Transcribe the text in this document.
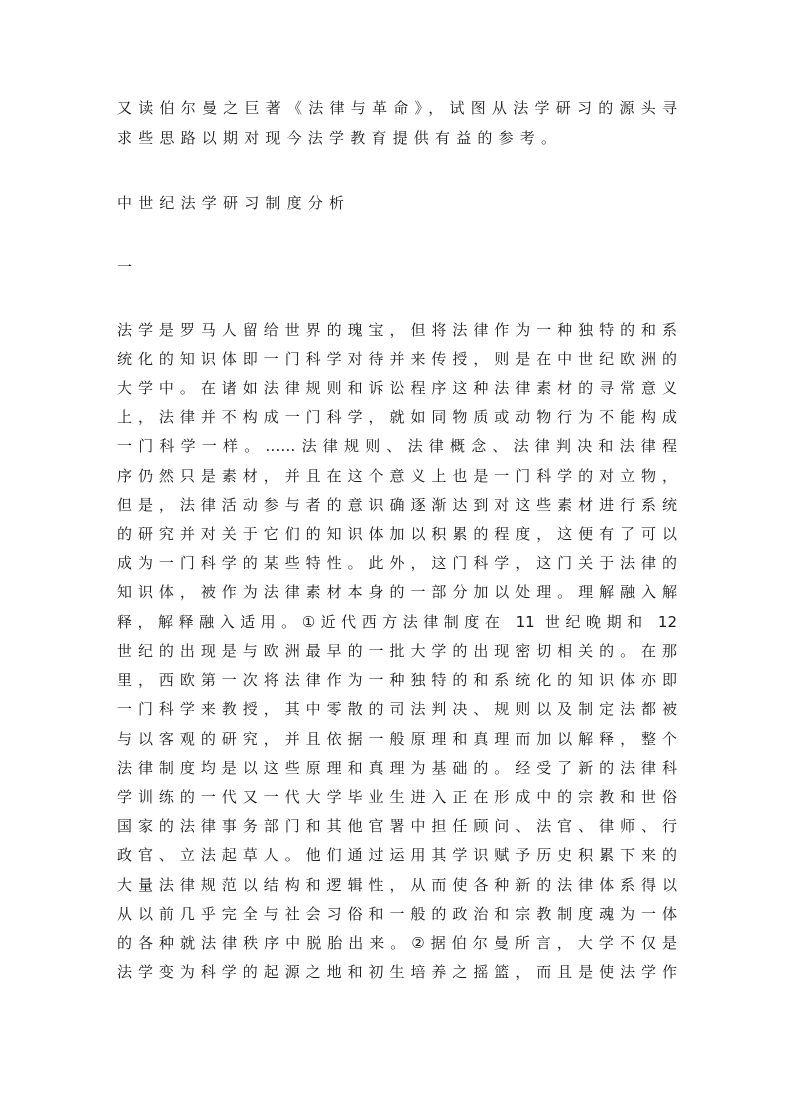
又读伯尔曼之巨著《法律与革命》，试图从法学研习的源头寻
求些思路以期对现今法学教育提供有益的参考。
中世纪法学研习制度分析
一
法学是罗马人留给世界的瑰宝，但将法律作为一种独特的和系
统化的知识体即一门科学对待并来传授，则是在中世纪欧洲的
大学中。在诸如法律规则和诉讼程序这种法律素材的寻常意义
上，法律并不构成一门科学，就如同物质或动物行为不能构成
一门科学一样。……法律规则、法律概念、法律判决和法律程
序仍然只是素材，并且在这个意义上也是一门科学的对立物，
但是，法律活动参与者的意识确逐渐达到对这些素材进行系统
的研究并对关于它们的知识体加以积累的程度，这便有了可以
成为一门科学的某些特性。此外，这门科学，这门关于法律的
知识体，被作为法律素材本身的一部分加以处理。理解融入解
释，解释融入适用。①近代西方法律制度在 11 世纪晚期和 12
世纪的出现是与欧洲最早的一批大学的出现密切相关的。在那
里，西欧第一次将法律作为一种独特的和系统化的知识体亦即
一门科学来教授，其中零散的司法判决、规则以及制定法都被
与以客观的研究，并且依据一般原理和真理而加以解释，整个
法律制度均是以这些原理和真理为基础的。经受了新的法律科
学训练的一代又一代大学毕业生进入正在形成中的宗教和世俗
国家的法律事务部门和其他官署中担任顾问、法官、律师、行
政官、立法起草人。他们通过运用其学识赋予历史积累下来的
大量法律规范以结构和逻辑性，从而使各种新的法律体系得以
从以前几乎完全与社会习俗和一般的政治和宗教制度魂为一体
的各种就法律秩序中脱胎出来。②据伯尔曼所言，大学不仅是
法学变为科学的起源之地和初生培养之摇篮，而且是使法学作
